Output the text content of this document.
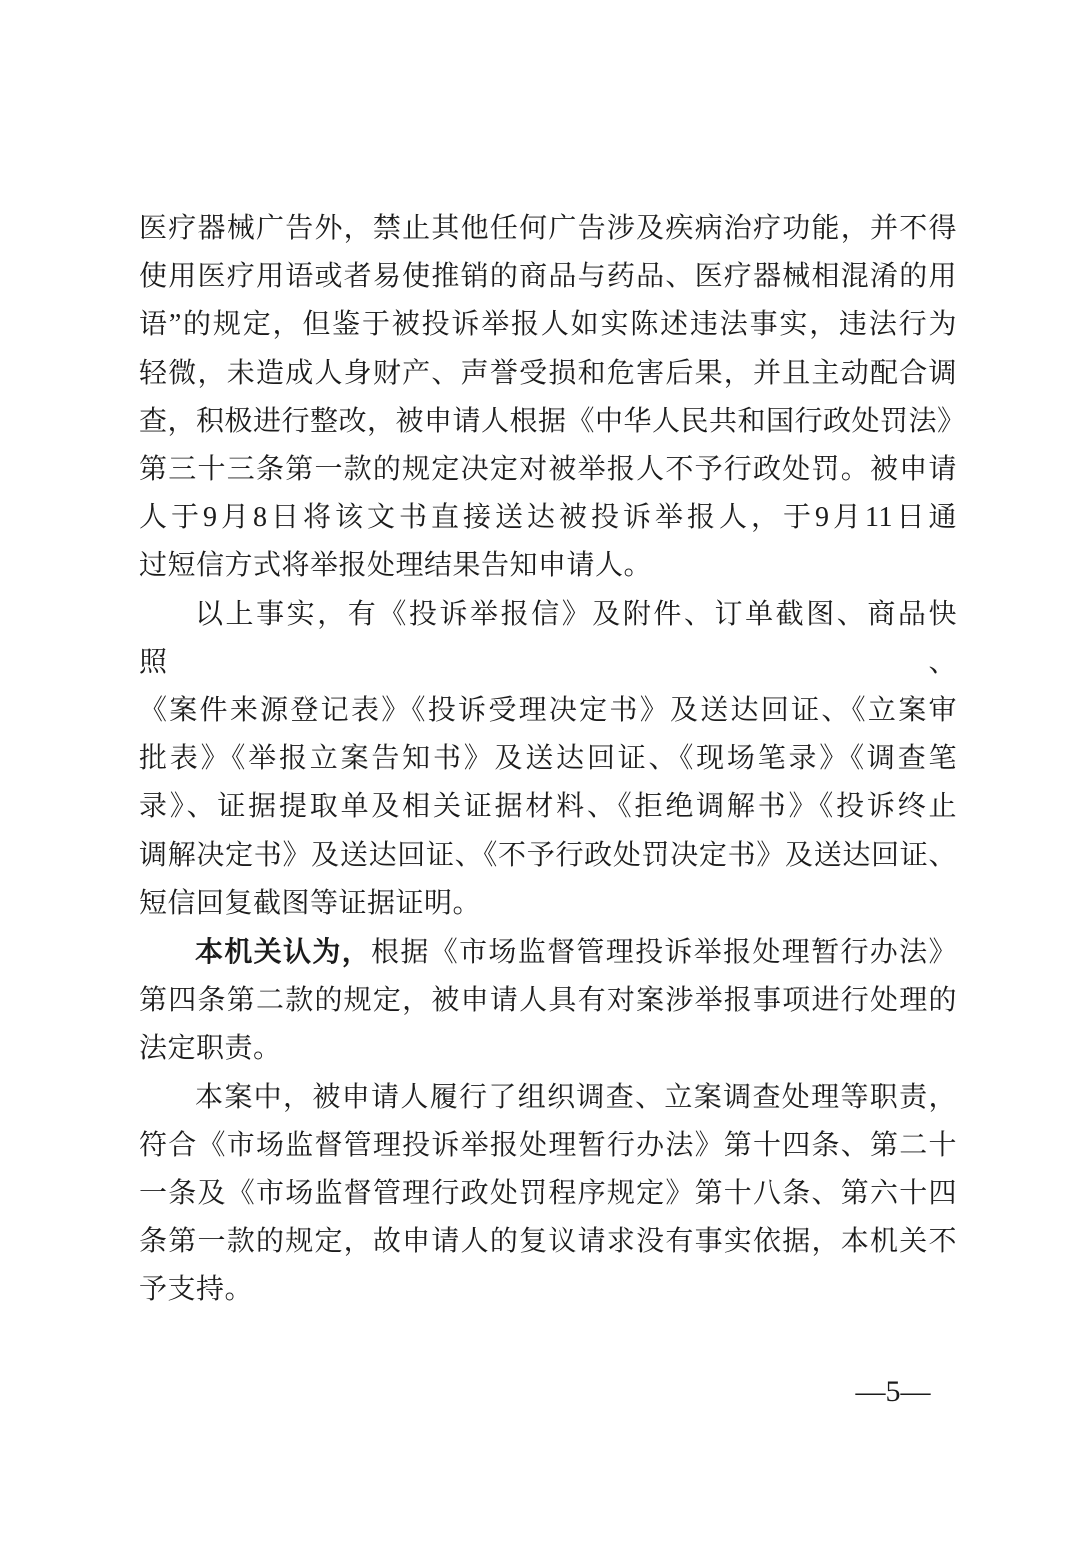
医疗器械广告外，禁止其他任何广告涉及疾病治疗功能，并不得
使用医疗用语或者易使推销的商品与药品、医疗器械相混淆的用
语”的规定，但鉴于被投诉举报人如实陈述违法事实，违法行为
轻微，未造成人身财产、声誉受损和危害后果，并且主动配合调
查，积极进行整改，被申请人根据《中华人民共和国行政处罚法》
第三十三条第一款的规定决定对被举报人不予行政处罚。被申请
人于9月8日将该文书直接送达被投诉举报人，于9月11日通
过短信方式将举报处理结果告知申请人。
以上事实，有《投诉举报信》及附件、订单截图、商品快照、
《案件来源登记表》《投诉受理决定书》及送达回证、《立案审
批表》《举报立案告知书》及送达回证、《现场笔录》《调查笔
录》、证据提取单及相关证据材料、《拒绝调解书》《投诉终止
调解决定书》及送达回证、《不予行政处罚决定书》及送达回证、
短信回复截图等证据证明。
本机关认为，根据《市场监督管理投诉举报处理暂行办法》
第四条第二款的规定，被申请人具有对案涉举报事项进行处理的
法定职责。
本案中，被申请人履行了组织调查、立案调查处理等职责，
符合《市场监督管理投诉举报处理暂行办法》第十四条、第二十
一条及《市场监督管理行政处罚程序规定》第十八条、第六十四
条第一款的规定，故申请人的复议请求没有事实依据，本机关不
予支持。
—5—
